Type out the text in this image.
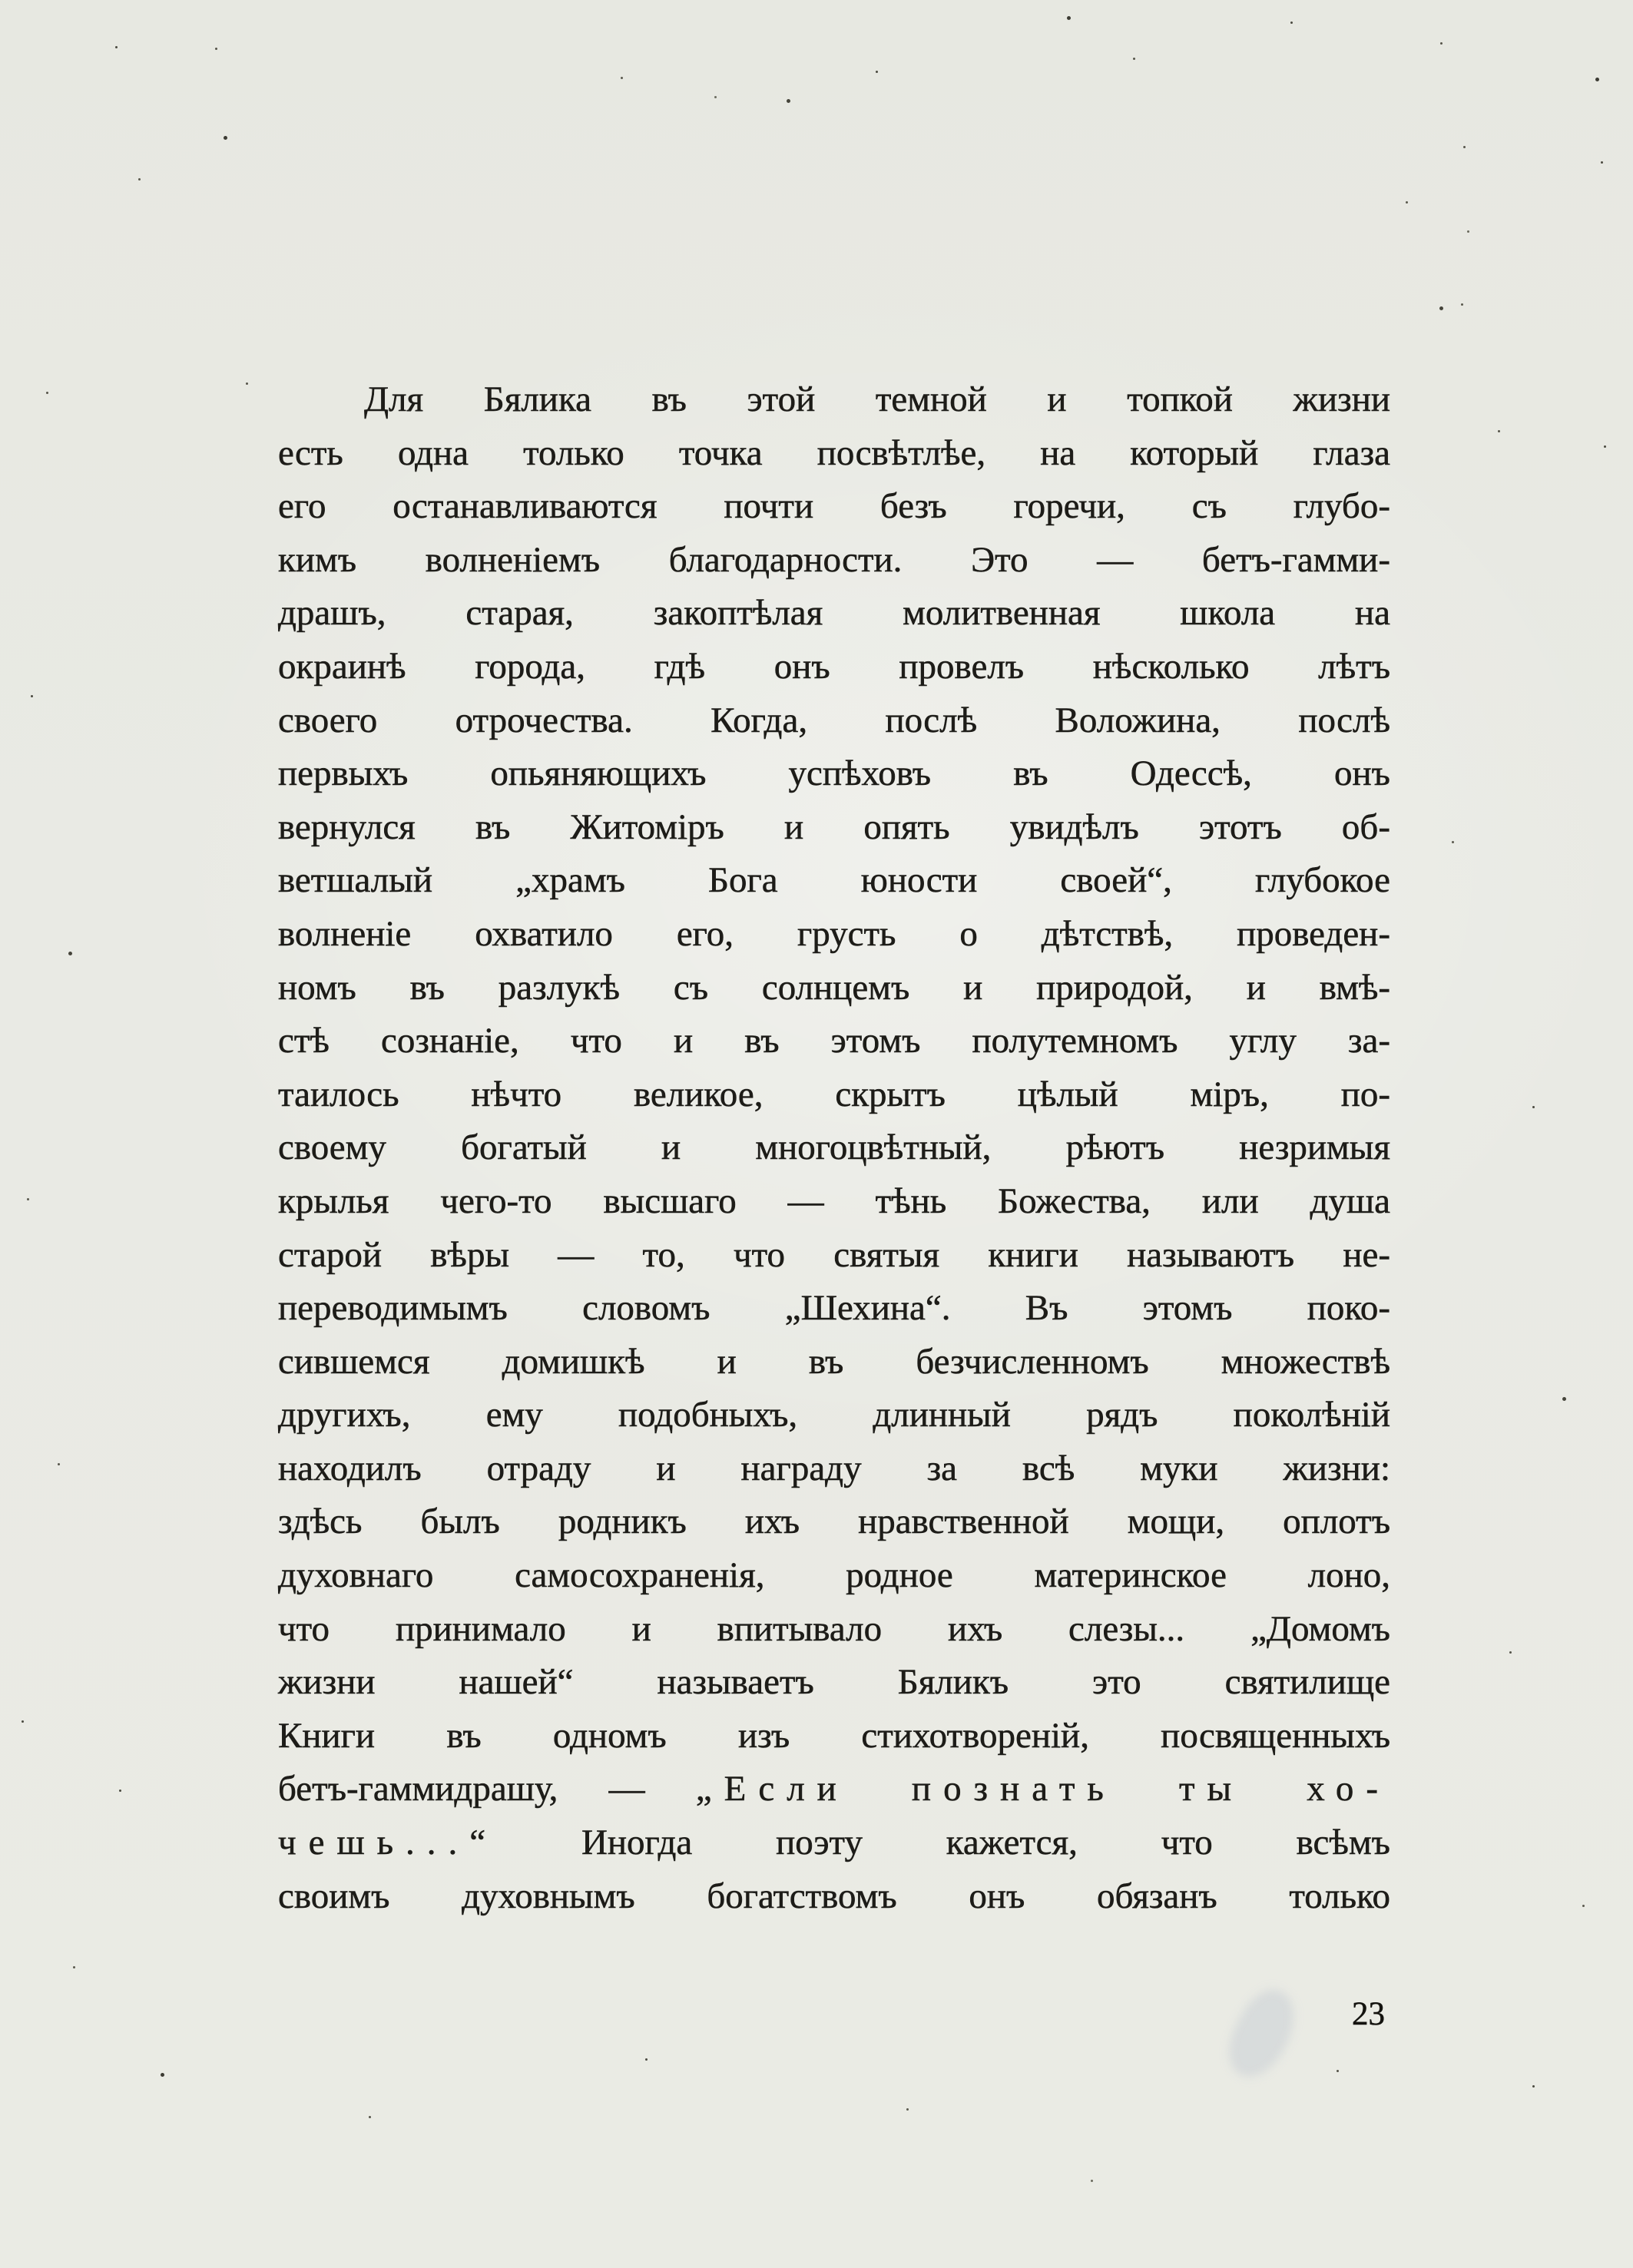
Для Бялика въ этой темной и топкой жизни
есть одна только точка посвѣтлѣе, на который глаза
его останавливаются почти безъ горечи, съ глубо-
кимъ волненіемъ благодарности. Это — бетъ-гамми-
драшъ, старая, закоптѣлая молитвенная школа на
окраинѣ города, гдѣ онъ провелъ нѣсколько лѣтъ
своего отрочества. Когда, послѣ Воложина, послѣ
первыхъ опьяняющихъ успѣховъ въ Одессѣ, онъ
вернулся въ Житоміръ и опять увидѣлъ этотъ об-
ветшалый „храмъ Бога юности своей“, глубокое
волненіе охватило его, грусть о дѣтствѣ, проведен-
номъ въ разлукѣ съ солнцемъ и природой, и вмѣ-
стѣ сознаніе, что и въ этомъ полутемномъ углу за-
таилось нѣчто великое, скрытъ цѣлый міръ, по-
своему богатый и многоцвѣтный, рѣютъ незримыя
крылья чего-то высшаго — тѣнь Божества, или душа
старой вѣры — то, что святыя книги называютъ не-
переводимымъ словомъ „Шехина“. Въ этомъ поко-
сившемся домишкѣ и въ безчисленномъ множествѣ
другихъ, ему подобныхъ, длинный рядъ поколѣній
находилъ отраду и награду за всѣ муки жизни:
здѣсь былъ родникъ ихъ нравственной мощи, оплотъ
духовнаго самосохраненія, родное материнское лоно,
что принимало и впитывало ихъ слезы... „Домомъ
жизни нашей“ называетъ Бяликъ это святилище
Книги въ одномъ изъ стихотвореній, посвященныхъ
бетъ-гаммидрашу, — „Если познать ты хо-
чешь...“ Иногда поэту кажется, что всѣмъ
своимъ духовнымъ богатствомъ онъ обязанъ только
23
